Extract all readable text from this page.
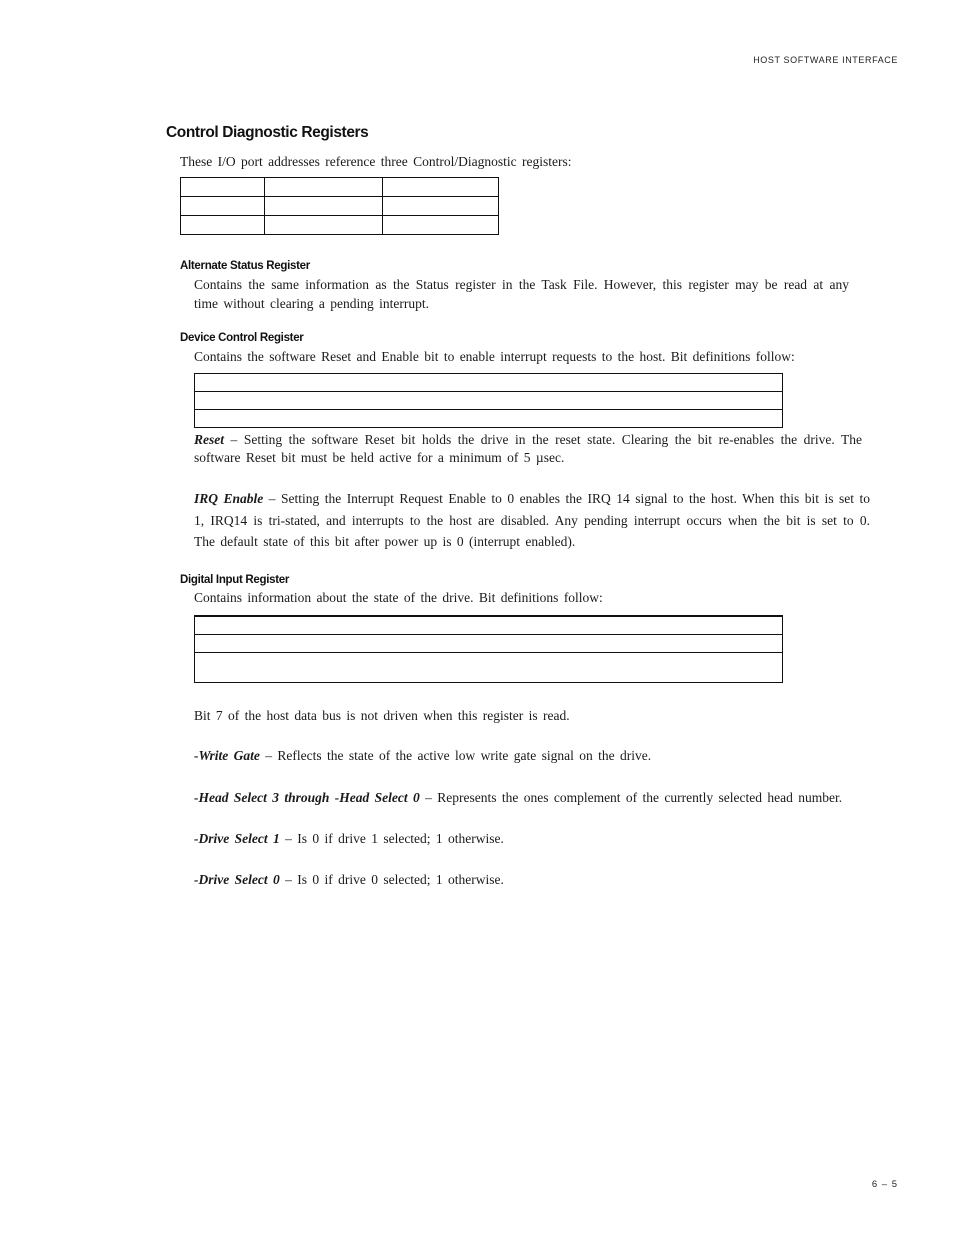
HOST SOFTWARE INTERFACE
Control Diagnostic Registers
These I/O port addresses reference three Control/Diagnostic registers:

Alternate Status Register
Contains the same information as the Status register in the Task File. However, this register may be read at any time without clearing a pending interrupt.
Device Control Register
Contains the software Reset and Enable bit to enable interrupt requests to the host. Bit definitions follow:

Reset – Setting the software Reset bit holds the drive in the reset state. Clearing the bit re-enables the drive. The software Reset bit must be held active for a minimum of 5 µsec.
IRQ Enable – Setting the Interrupt Request Enable to 0 enables the IRQ 14 signal to the host. When this bit is set to 1, IRQ14 is tri-stated, and interrupts to the host are disabled. Any pending interrupt occurs when the bit is set to 0. The default state of this bit after power up is 0 (interrupt enabled).
Digital Input Register
Contains information about the state of the drive. Bit definitions follow:

Bit 7 of the host data bus is not driven when this register is read.
-Write Gate – Reflects the state of the active low write gate signal on the drive.
-Head Select 3 through -Head Select 0 – Represents the ones complement of the currently selected head number.
-Drive Select 1 – Is 0 if drive 1 selected; 1 otherwise.
-Drive Select 0 – Is 0 if drive 0 selected; 1 otherwise.
6 – 5
